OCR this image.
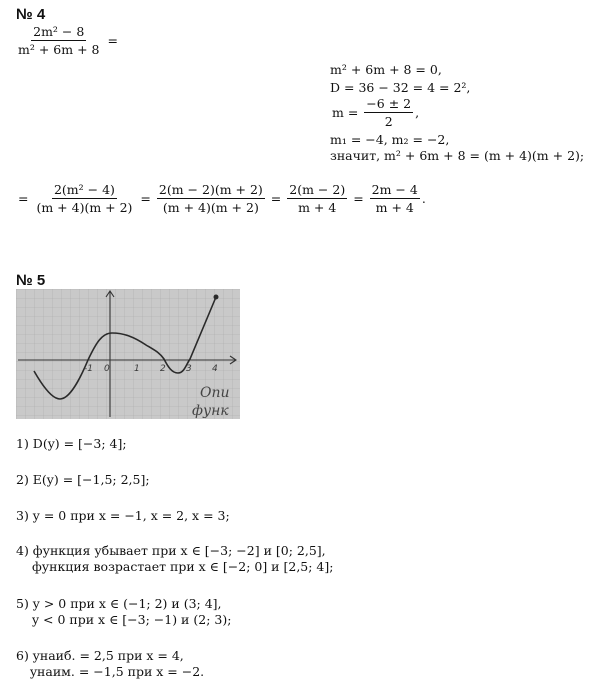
№ 4
$\frac{\text{2m² − 8}}{\text{m² + 6m + 8}}$ =
m² + 6m + 8 = 0,
D = 36 − 32 = 4 = 2²,
$m = \frac{-6 \pm 2}{2}$ ,
m₁ = −4, m₂ = −2,
значит, m² + 6m + 8 = (m + 4)(m + 2);
= $\frac{\text{2(m² − 4)}}{(m + 4)(m + 2)} = \frac{2(m - 2)(m + 2)}{(m + 4)(m + 2)} = \frac{2(m - 2)}{m + 4} = \frac{2m - 4}{m + 4}$ .
№ 5
-1 0	1 2 3 4
Опи
функ
1) D(y) = [−3; 4];
2) E(y) = [−1,5; 2,5];
3) y = 0 при x = −1, x = 2, x = 3;
4) функция убывает при x ∈ [−3; −2] и [0; 2,5],
функция возрастает при x ∈ [−2; 0] и [2,5; 4];
5) y > 0 при x ∈ (−1; 2) и (3; 4],
y < 0 при x ∈ [−3; −1) и (2; 3);
6) yнаиб. = 2,5 при x = 4,
yнаим. = −1,5 при x = −2.
